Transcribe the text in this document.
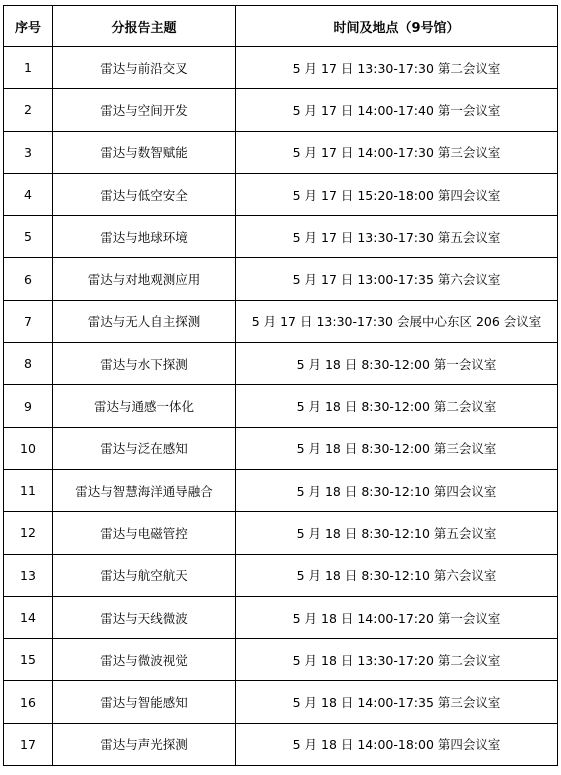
序号	分报告主题	时间及地点（9号馆）
1	雷达与前沿交叉	5 月 17 日 13:30-17:30 第二会议室
2	雷达与空间开发	5 月 17 日 14:00-17:40 第一会议室
3	雷达与数智赋能	5 月 17 日 14:00-17:30 第三会议室
4	雷达与低空安全	5 月 17 日 15:20-18:00 第四会议室
5	雷达与地球环境	5 月 17 日 13:30-17:30 第五会议室
6	雷达与对地观测应用	5 月 17 日 13:00-17:35 第六会议室
7	雷达与无人自主探测	5 月 17 日 13:30-17:30 会展中心东区 206 会议室
8	雷达与水下探测	5 月 18 日 8:30-12:00 第一会议室
9	雷达与通感一体化	5 月 18 日 8:30-12:00 第二会议室
10	雷达与泛在感知	5 月 18 日 8:30-12:00 第三会议室
11	雷达与智慧海洋通导融合	5 月 18 日 8:30-12:10 第四会议室
12	雷达与电磁管控	5 月 18 日 8:30-12:10 第五会议室
13	雷达与航空航天	5 月 18 日 8:30-12:10 第六会议室
14	雷达与天线微波	5 月 18 日 14:00-17:20 第一会议室
15	雷达与微波视觉	5 月 18 日 13:30-17:20 第二会议室
16	雷达与智能感知	5 月 18 日 14:00-17:35 第三会议室
17	雷达与声光探测	5 月 18 日 14:00-18:00 第四会议室
